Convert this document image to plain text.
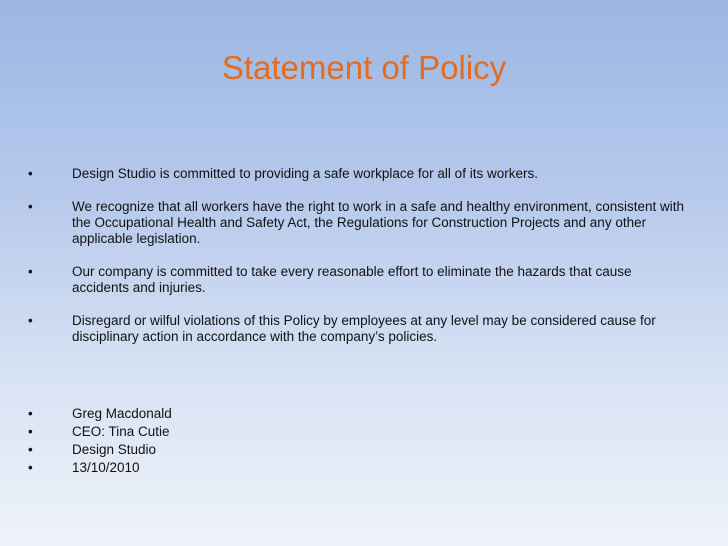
Statement of Policy
•	Design Studio is committed to providing a safe workplace for all of its workers.
•	We recognize that all workers have the right to work in a safe and healthy environment, consistent with the Occupational Health and Safety Act, the Regulations for Construction Projects and any other applicable legislation.
•	Our company is committed to take every reasonable effort to eliminate the hazards that cause accidents and injuries.
•	Disregard or wilful violations of this Policy by employees at any level may be considered cause for disciplinary action in accordance with the company’s policies.
•	Greg Macdonald
•	CEO: Tina Cutie
•	Design Studio
•	13/10/2010
